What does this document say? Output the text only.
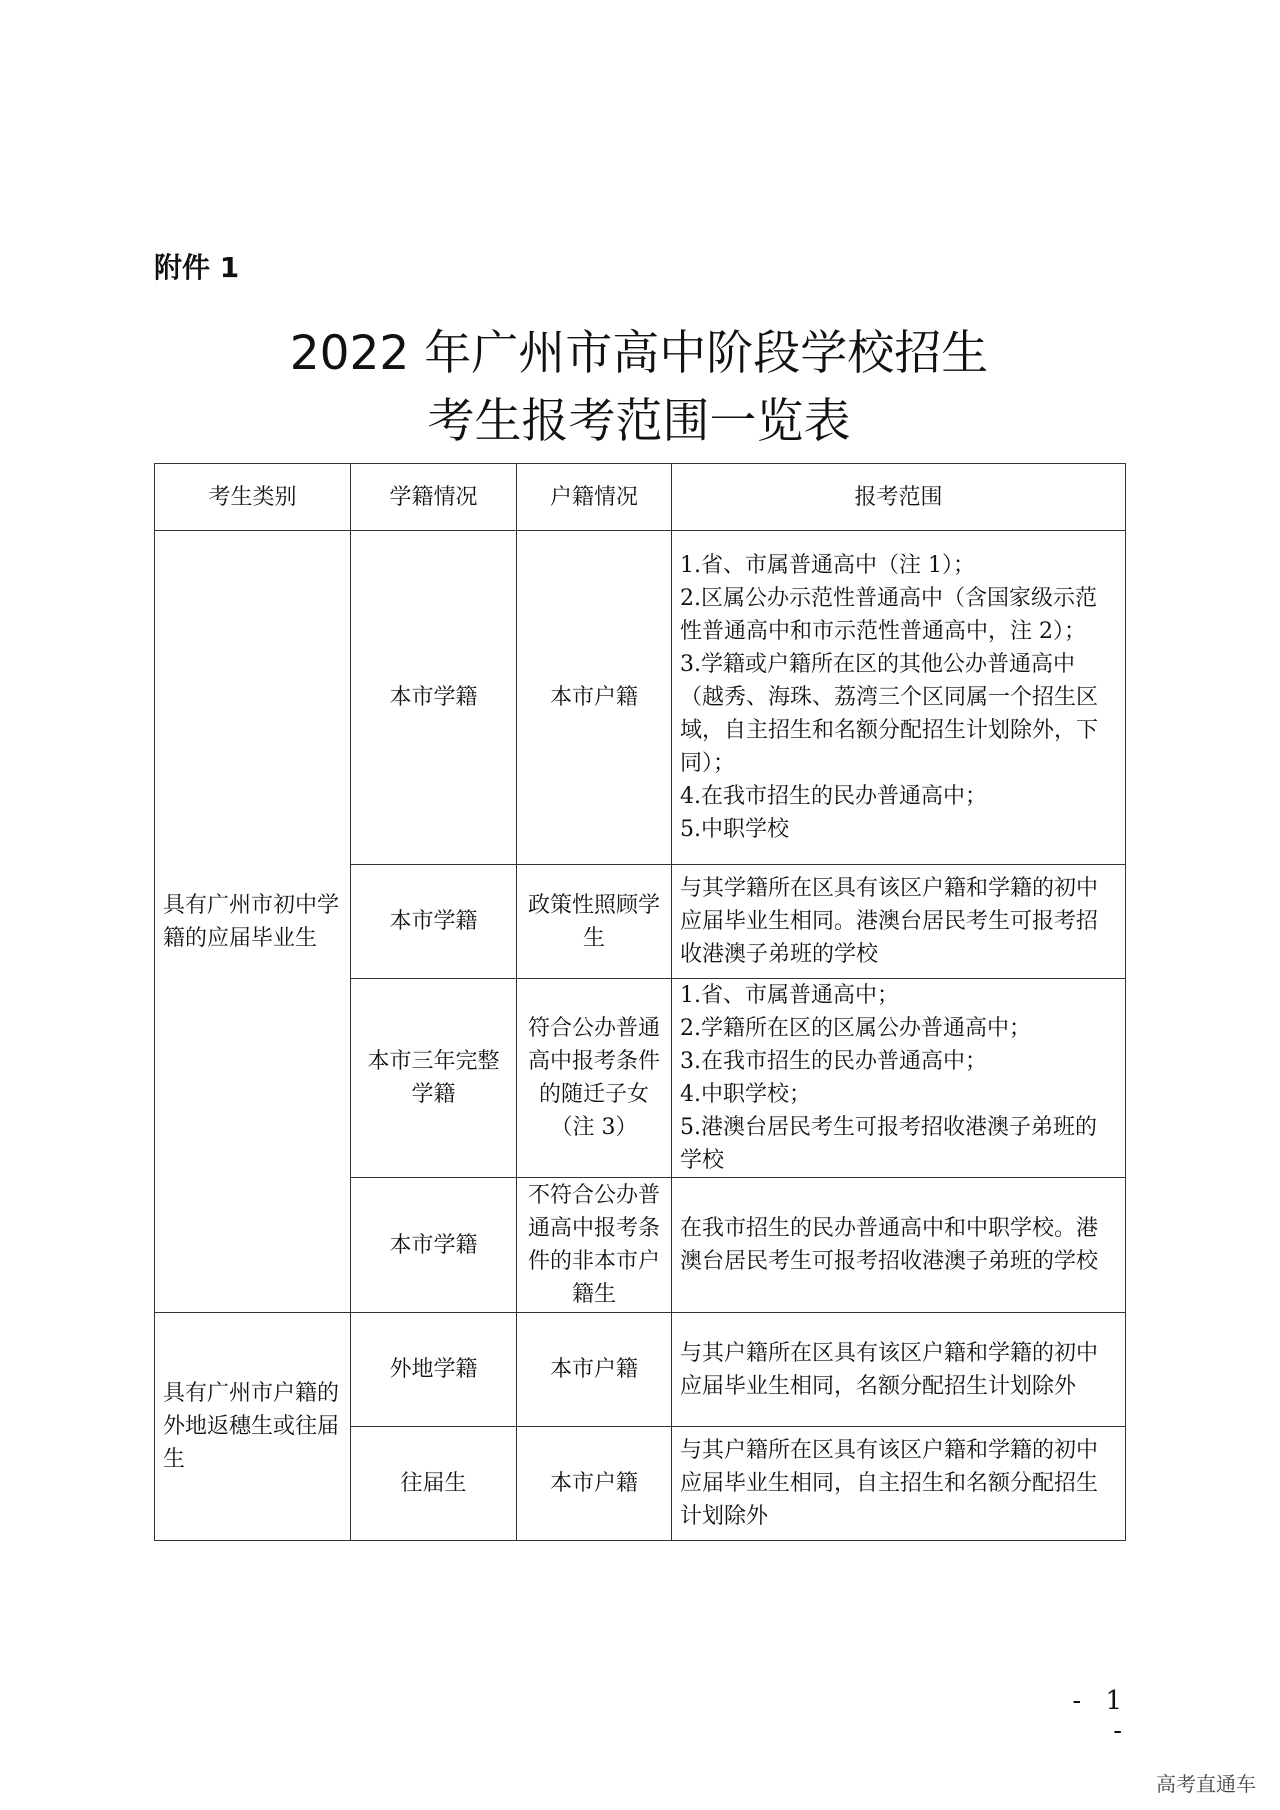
附件 1
2022 年广州市高中阶段学校招生
考生报考范围一览表
考生类别	学籍情况	户籍情况	报考范围
具有广州市初中学籍的应届毕业生	本市学籍	本市户籍	1.省、市属普通高中（注 1）；
2.区属公办示范性普通高中（含国家级示范性普通高中和市示范性普通高中，注 2）；
3.学籍或户籍所在区的其他公办普通高中（越秀、海珠、荔湾三个区同属一个招生区域，自主招生和名额分配招生计划除外，下同）；
4.在我市招生的民办普通高中；
5.中职学校

	本市学籍	政策性照顾学生	与其学籍所在区具有该区户籍和学籍的初中应届毕业生相同。港澳台居民考生可报考招收港澳子弟班的学校

	本市三年完整学籍	符合公办普通高中报考条件的随迁子女（注 3）	1.省、市属普通高中；
2.学籍所在区的区属公办普通高中；
3.在我市招生的民办普通高中；
4.中职学校；
5.港澳台居民考生可报考招收港澳子弟班的学校

	本市学籍	不符合公办普通高中报考条件的非本市户籍生	在我市招生的民办普通高中和中职学校。港澳台居民考生可报考招收港澳子弟班的学校

具有广州市户籍的外地返穗生或往届生	外地学籍	本市户籍	与其户籍所在区具有该区户籍和学籍的初中应届毕业生相同，名额分配招生计划除外

	往届生	本市户籍	与其户籍所在区具有该区户籍和学籍的初中应届毕业生相同，自主招生和名额分配招生计划除外
- 1 -
高考直通车
